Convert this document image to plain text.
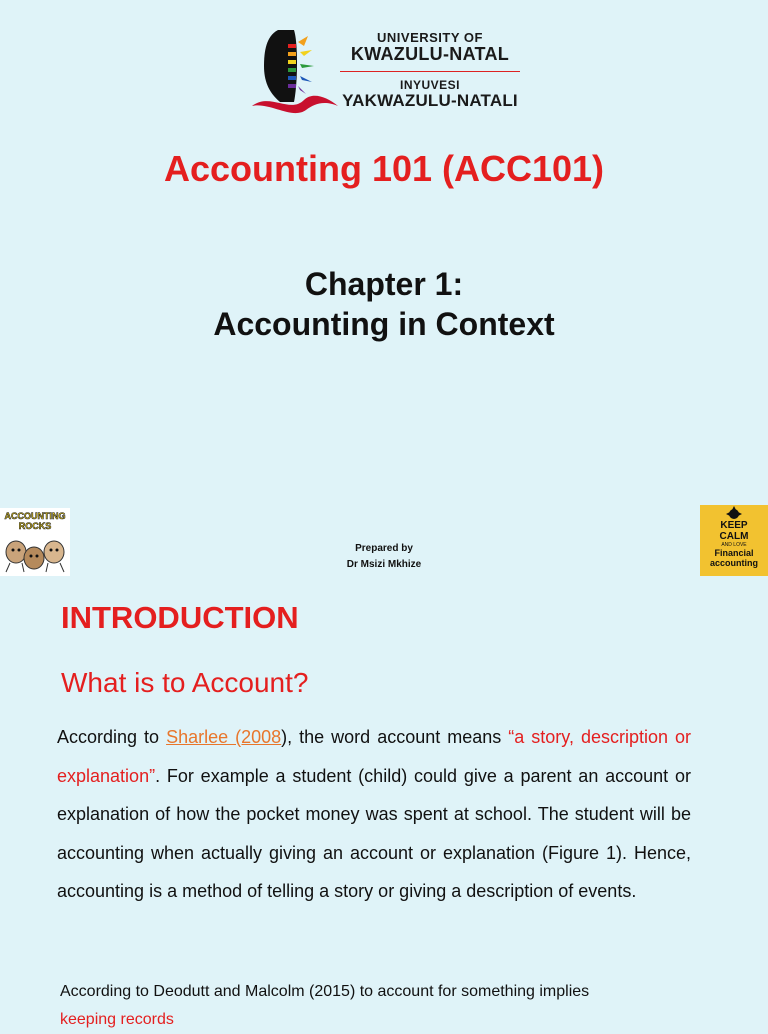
UNIVERSITY OF
KWAZULU-NATAL
INYUVESI
YAKWAZULU-NATALI
Accounting 101 (ACC101)
Chapter 1:
Accounting in Context
ACCOUNTING
ROCKS
Prepared by
Dr Msizi Mkhize
KEEP
CALM
AND LOVE
Financial
accounting
INTRODUCTION
What is to Account?
According to Sharlee (2008), the word account means “a story, description or explanation”. For example a student (child) could give a parent an account or explanation of how the pocket money was spent at school. The student will be accounting when actually giving an account or explanation (Figure 1). Hence, accounting is a method of telling a story or giving a description of events.
According to Deodutt and Malcolm (2015) to account for something implies
keeping records
